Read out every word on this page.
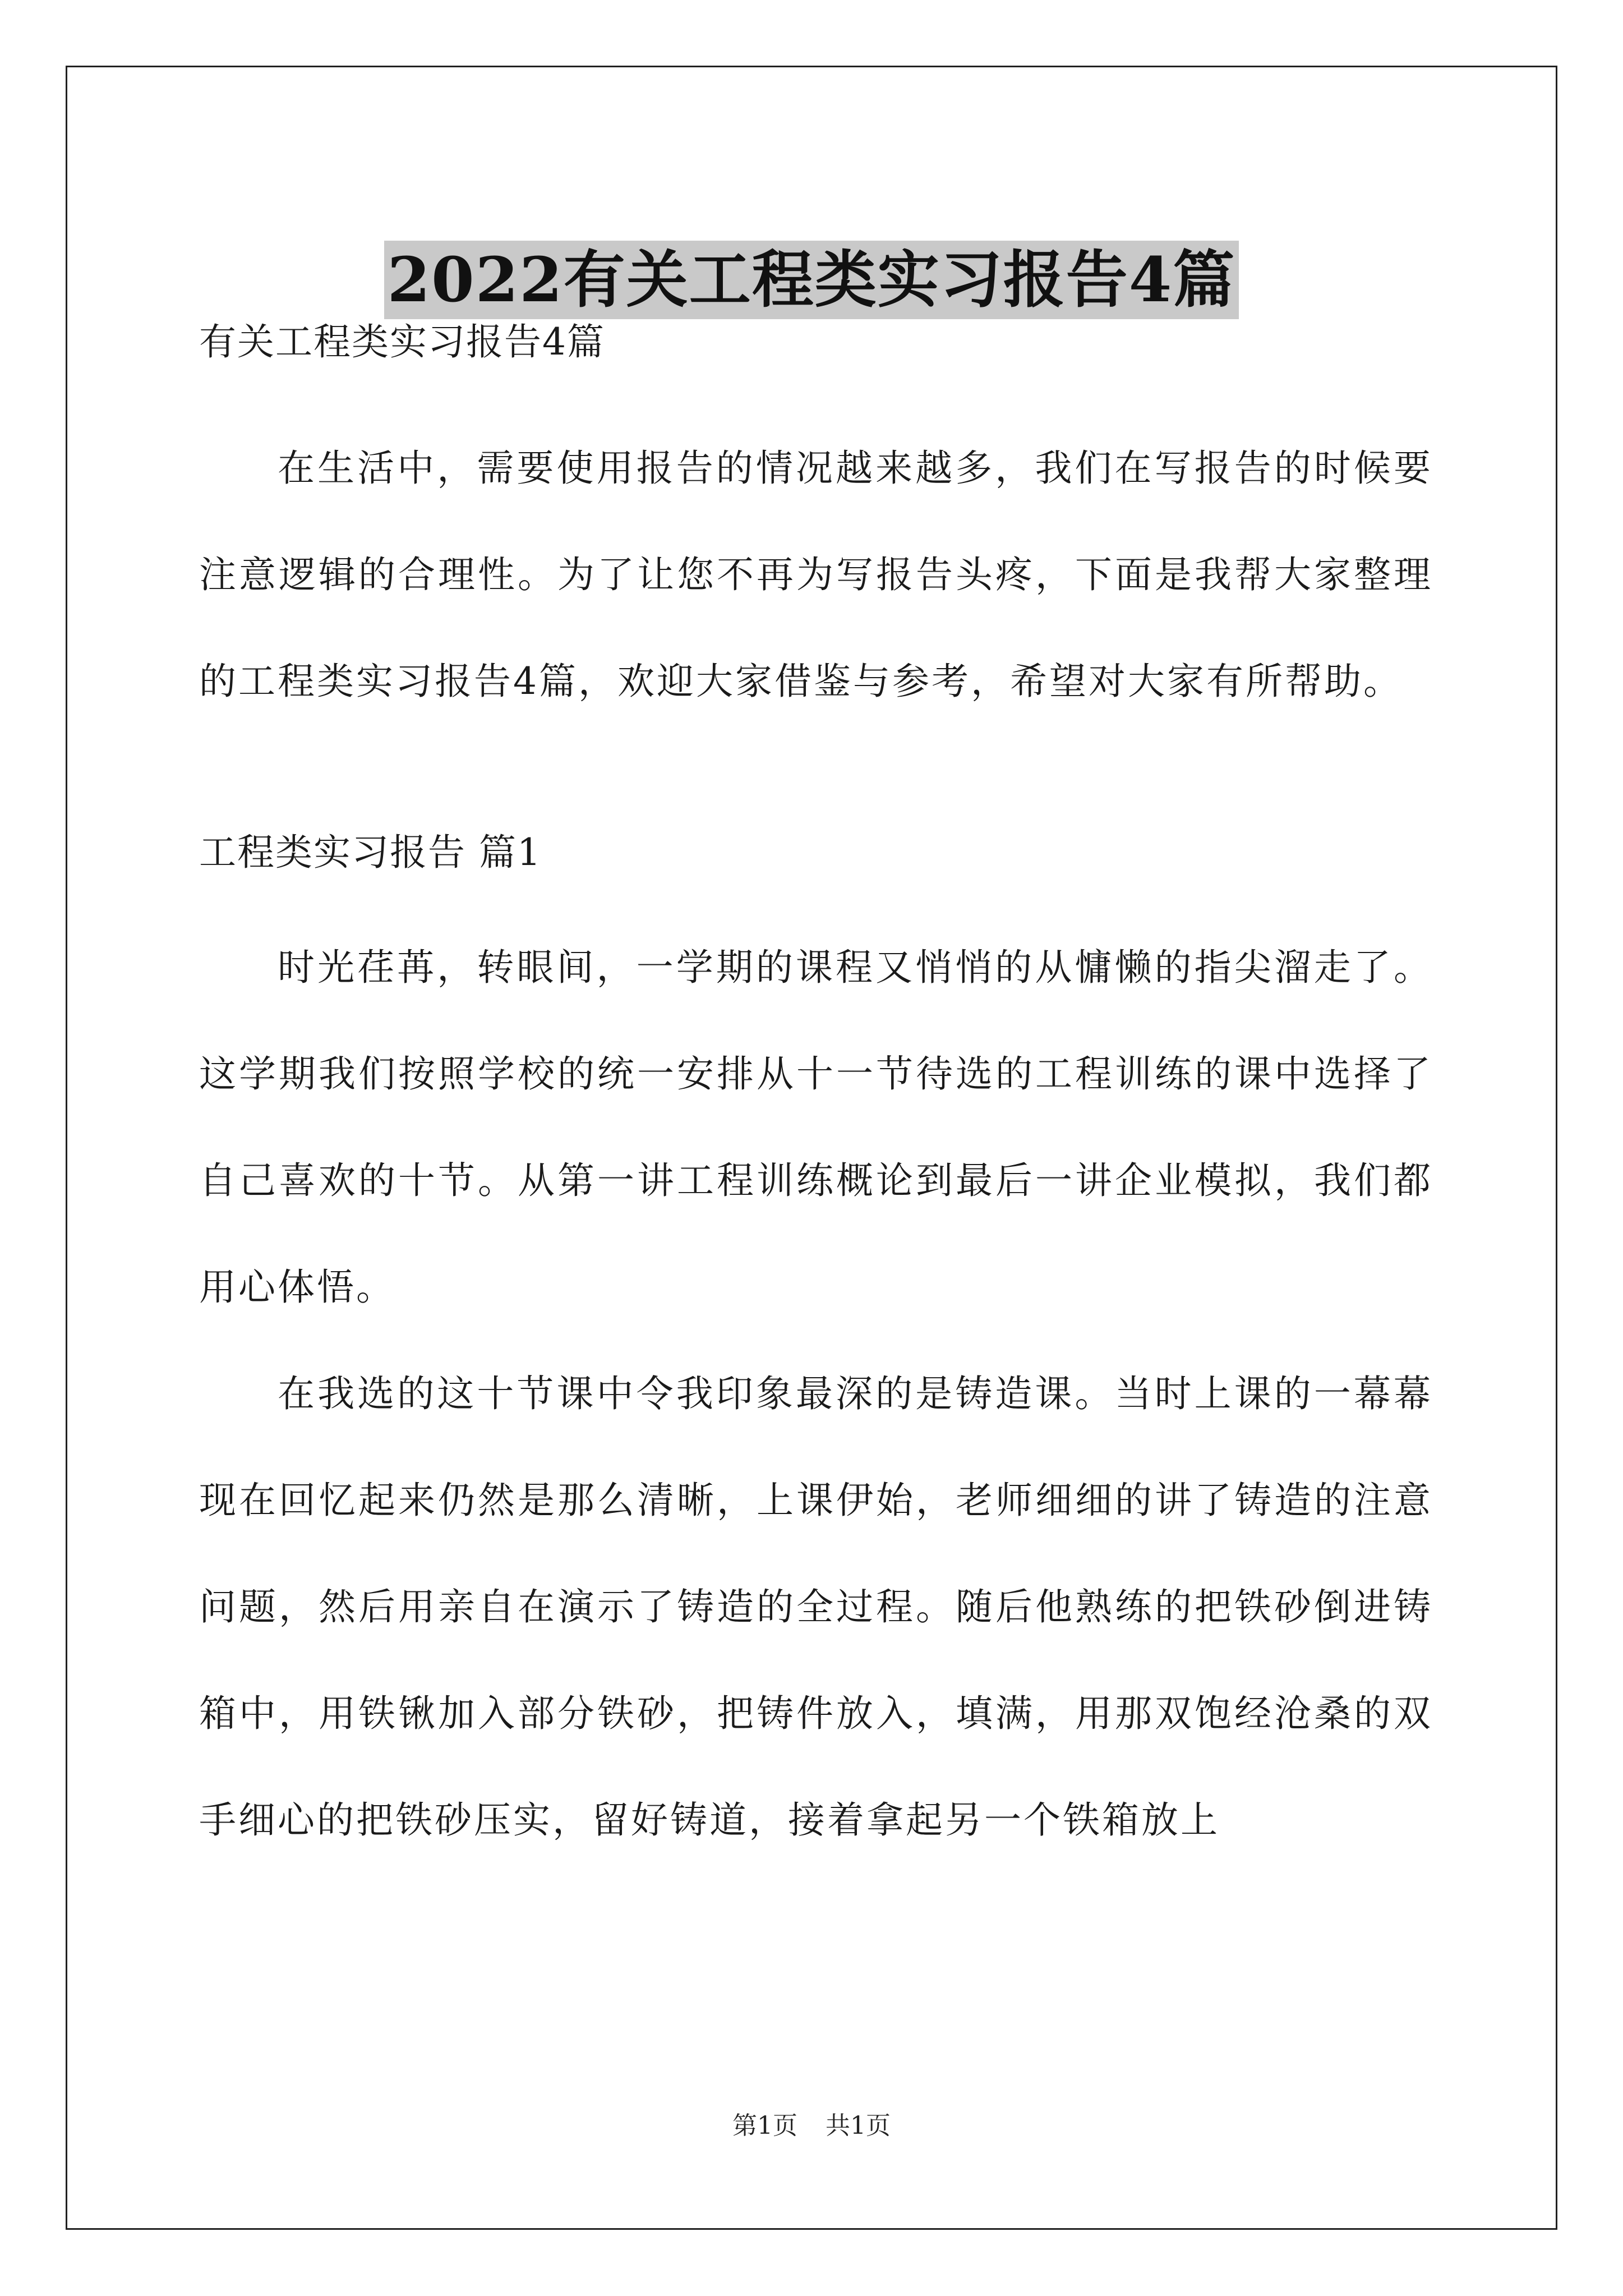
2022有关工程类实习报告4篇

有关工程类实习报告4篇

在生活中，需要使用报告的情况越来越多，我们在写报告的时候要注意逻辑的合理性。为了让您不再为写报告头疼，下面是我帮大家整理的工程类实习报告4篇，欢迎大家借鉴与参考，希望对大家有所帮助。

工程类实习报告 篇1

时光荏苒，转眼间，一学期的课程又悄悄的从慵懒的指尖溜走了。这学期我们按照学校的统一安排从十一节待选的工程训练的课中选择了自己喜欢的十节。从第一讲工程训练概论到最后一讲企业模拟，我们都用心体悟。

在我选的这十节课中令我印象最深的是铸造课。当时上课的一幕幕现在回忆起来仍然是那么清晰，上课伊始，老师细细的讲了铸造的注意问题，然后用亲自在演示了铸造的全过程。随后他熟练的把铁砂倒进铸箱中，用铁锹加入部分铁砂，把铸件放入，填满，用那双饱经沧桑的双手细心的把铁砂压实，留好铸道，接着拿起另一个铁箱放上

第1页 共1页
